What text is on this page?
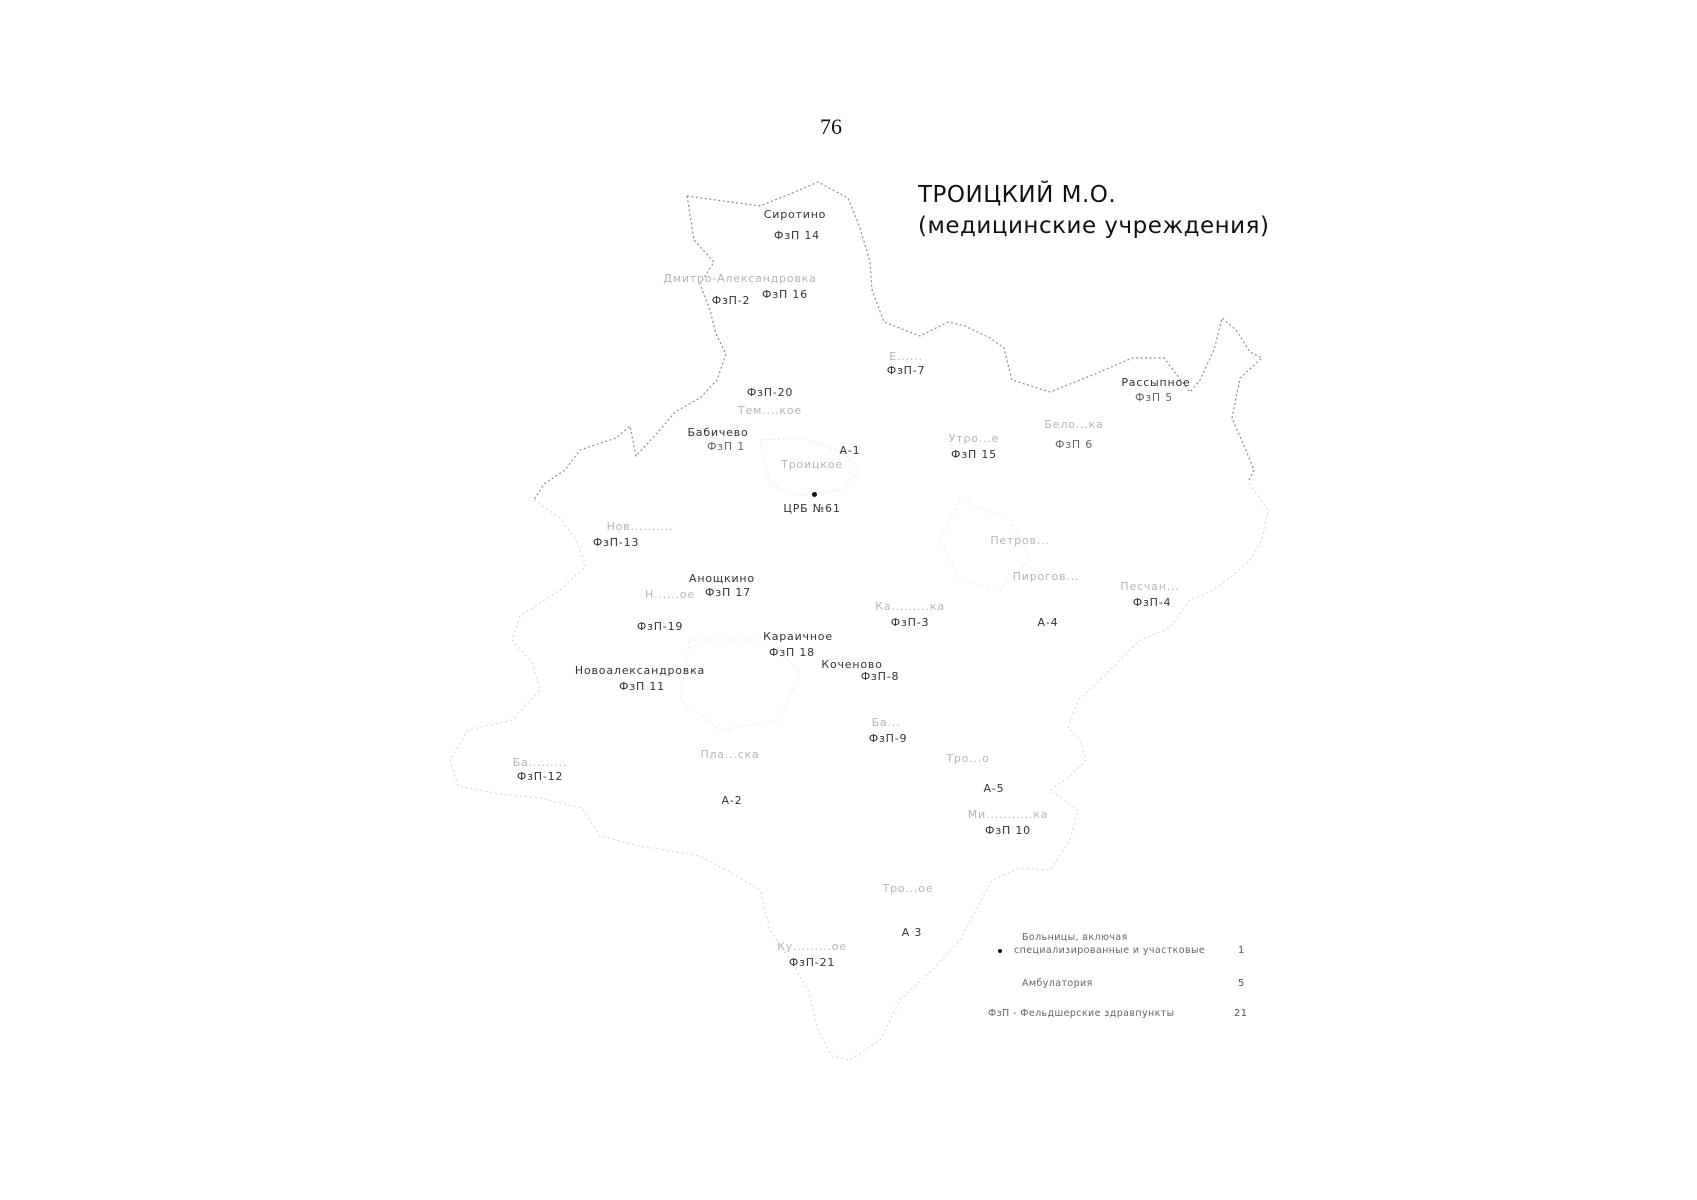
76
ТРОИЦКИЙ М.О.
(медицинские учреждения)
Сиротино
ФзП 14
Дмитро-Александровка
ФзП-2 ФзП 16
Е......
ФзП-7
Рассыпное
ФзП 5
ФзП-20
Тем....кое
Бабичево
ФзП 1	А-1
Троицкое
Утро...е
ФзП 15
Бело...ка
ФзП 6
ЦРБ №61
Нов..........
ФзП-13	Петров...
Анощкино
Н......ое ФзП 17
Пирогов...
Песчан...
ФзП-4
Ка.........ка
ФзП-3	А-4
ФзП-19
Караичное
ФзП 18
Коченово
ФзП-8
Новоалександровка
ФзП 11
Ба...
ФзП-9
Ба.........
ФзП-12
Пла...ска
А-2
Тро...о
А-5
Ми...........ка
ФзП 10
Тро...ое
А 3
Ку.........ое
ФзП-21
Больницы, включая
специализированные и участковые	1
Амбулатория	5
ФзП - Фельдшерские здравпункты	21
